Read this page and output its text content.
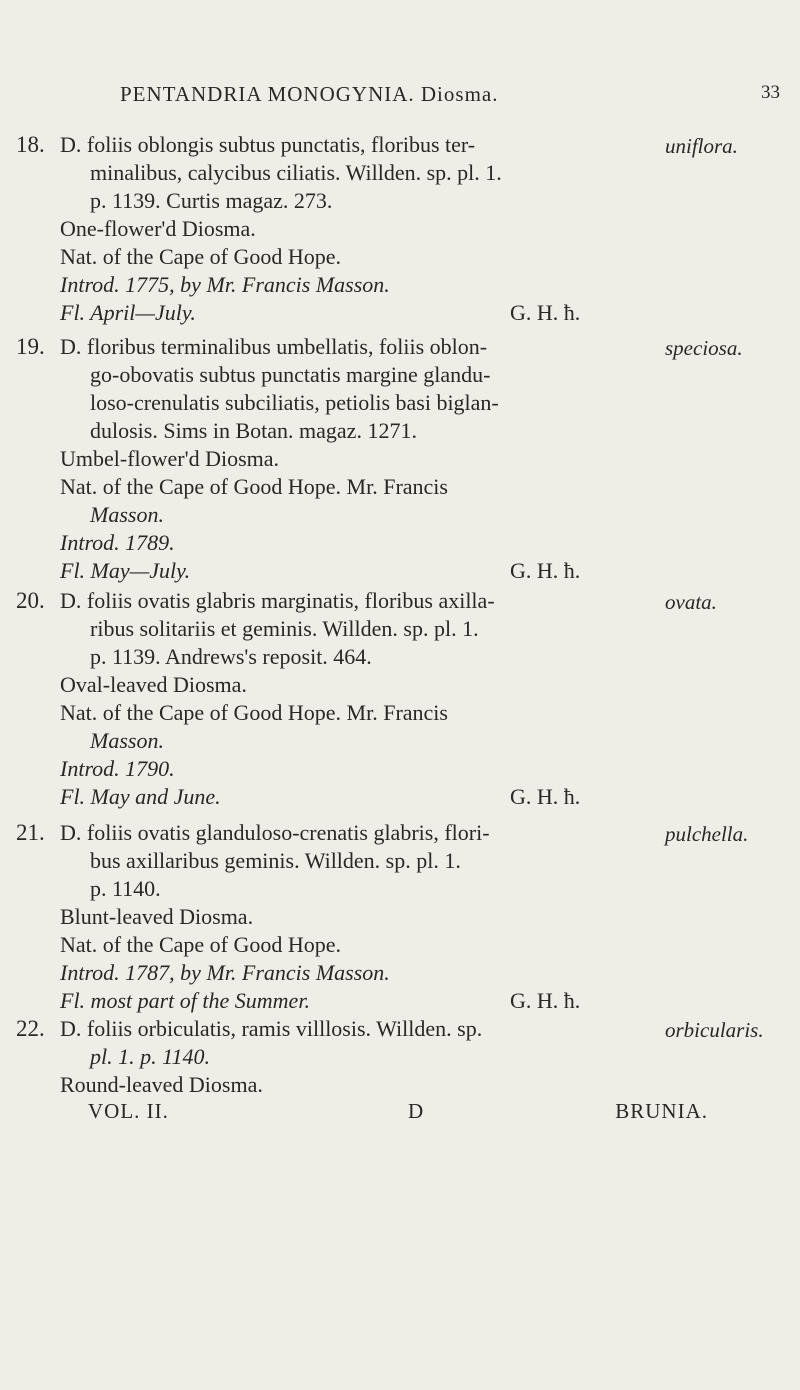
PENTANDRIA MONOGYNIA. Diosma.	33
18.	uniflora.
D. foliis oblongis subtus punctatis, floribus ter-
minalibus, calycibus ciliatis. Willden. sp. pl. 1.
p. 1139. Curtis magaz. 273.
One-flower'd Diosma.
Nat. of the Cape of Good Hope.
Introd. 1775, by Mr. Francis Masson.
Fl. April—July.	G. H. ħ.
19.	speciosa.
D. floribus terminalibus umbellatis, foliis oblon-
go-obovatis subtus punctatis margine glandu-
loso-crenulatis subciliatis, petiolis basi biglan-
dulosis. Sims in Botan. magaz. 1271.
Umbel-flower'd Diosma.
Nat. of the Cape of Good Hope. Mr. Francis
Masson.
Introd. 1789.
Fl. May—July.	G. H. ħ.
20.	ovata.
D. foliis ovatis glabris marginatis, floribus axilla-
ribus solitariis et geminis. Willden. sp. pl. 1.
p. 1139. Andrews's reposit. 464.
Oval-leaved Diosma.
Nat. of the Cape of Good Hope. Mr. Francis
Masson.
Introd. 1790.
Fl. May and June.	G. H. ħ.
21.	pulchella.
D. foliis ovatis glanduloso-crenatis glabris, flori-
bus axillaribus geminis. Willden. sp. pl. 1.
p. 1140.
Blunt-leaved Diosma.
Nat. of the Cape of Good Hope.
Introd. 1787, by Mr. Francis Masson.
Fl. most part of the Summer.	G. H. ħ.
22.	orbicularis.
D. foliis orbiculatis, ramis villlosis. Willden. sp.
pl. 1. p. 1140.
Round-leaved Diosma.
VOL. II.	D	BRUNIA.
